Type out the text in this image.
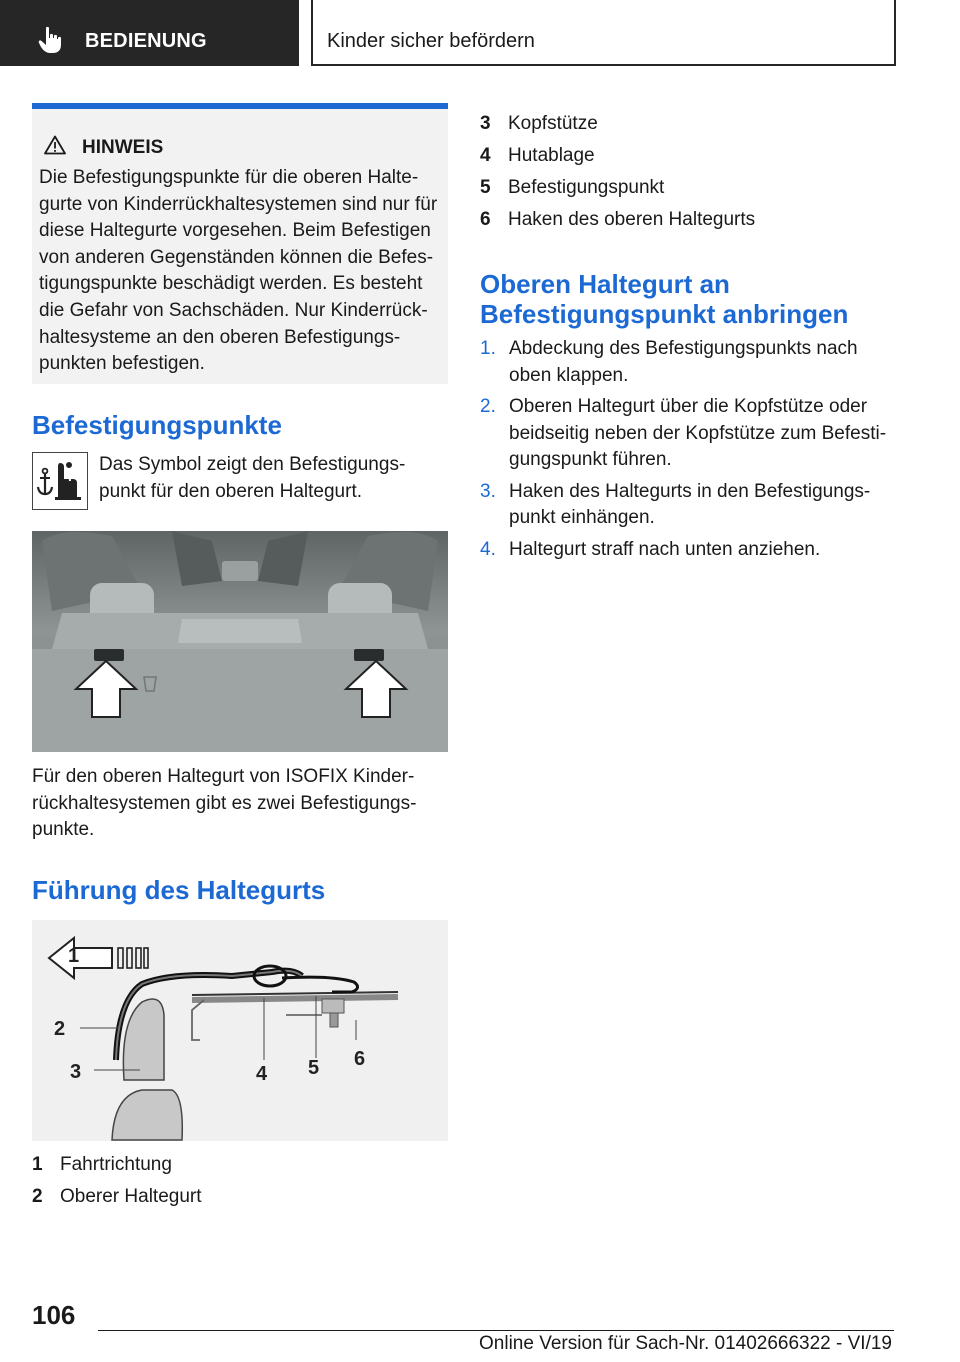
BEDIENUNG	Kinder sicher befördern
HINWEIS
Die Befestigungspunkte für die oberen Haltegurte von Kinderrückhaltesystemen sind nur für diese Haltegurte vorgesehen. Beim Befestigen von anderen Gegenständen können die Befestigungspunkte beschädigt werden. Es besteht die Gefahr von Sachschäden. Nur Kinderrückhaltesysteme an den oberen Befestigungspunkten befestigen.
Befestigungspunkte
Das Symbol zeigt den Befestigungspunkt für den oberen Haltegurt.
Für den oberen Haltegurt von ISOFIX Kinderrückhaltesystemen gibt es zwei Befestigungspunkte.
Führung des Haltegurts
1
2
3	4 5 6
1 Fahrtrichtung
2 Oberer Haltegurt
3 Kopfstütze
4 Hutablage
5 Befestigungspunkt
6 Haken des oberen Haltegurts
Oberen Haltegurt an Befestigungspunkt anbringen
1. Abdeckung des Befestigungspunkts nach oben klappen.
2. Oberen Haltegurt über die Kopfstütze oder beidseitig neben der Kopfstütze zum Befestigungspunkt führen.
3. Haken des Haltegurts in den Befestigungspunkt einhängen.
4. Haltegurt straff nach unten anziehen.
106
Online Version für Sach-Nr. 01402666322 - VI/19
